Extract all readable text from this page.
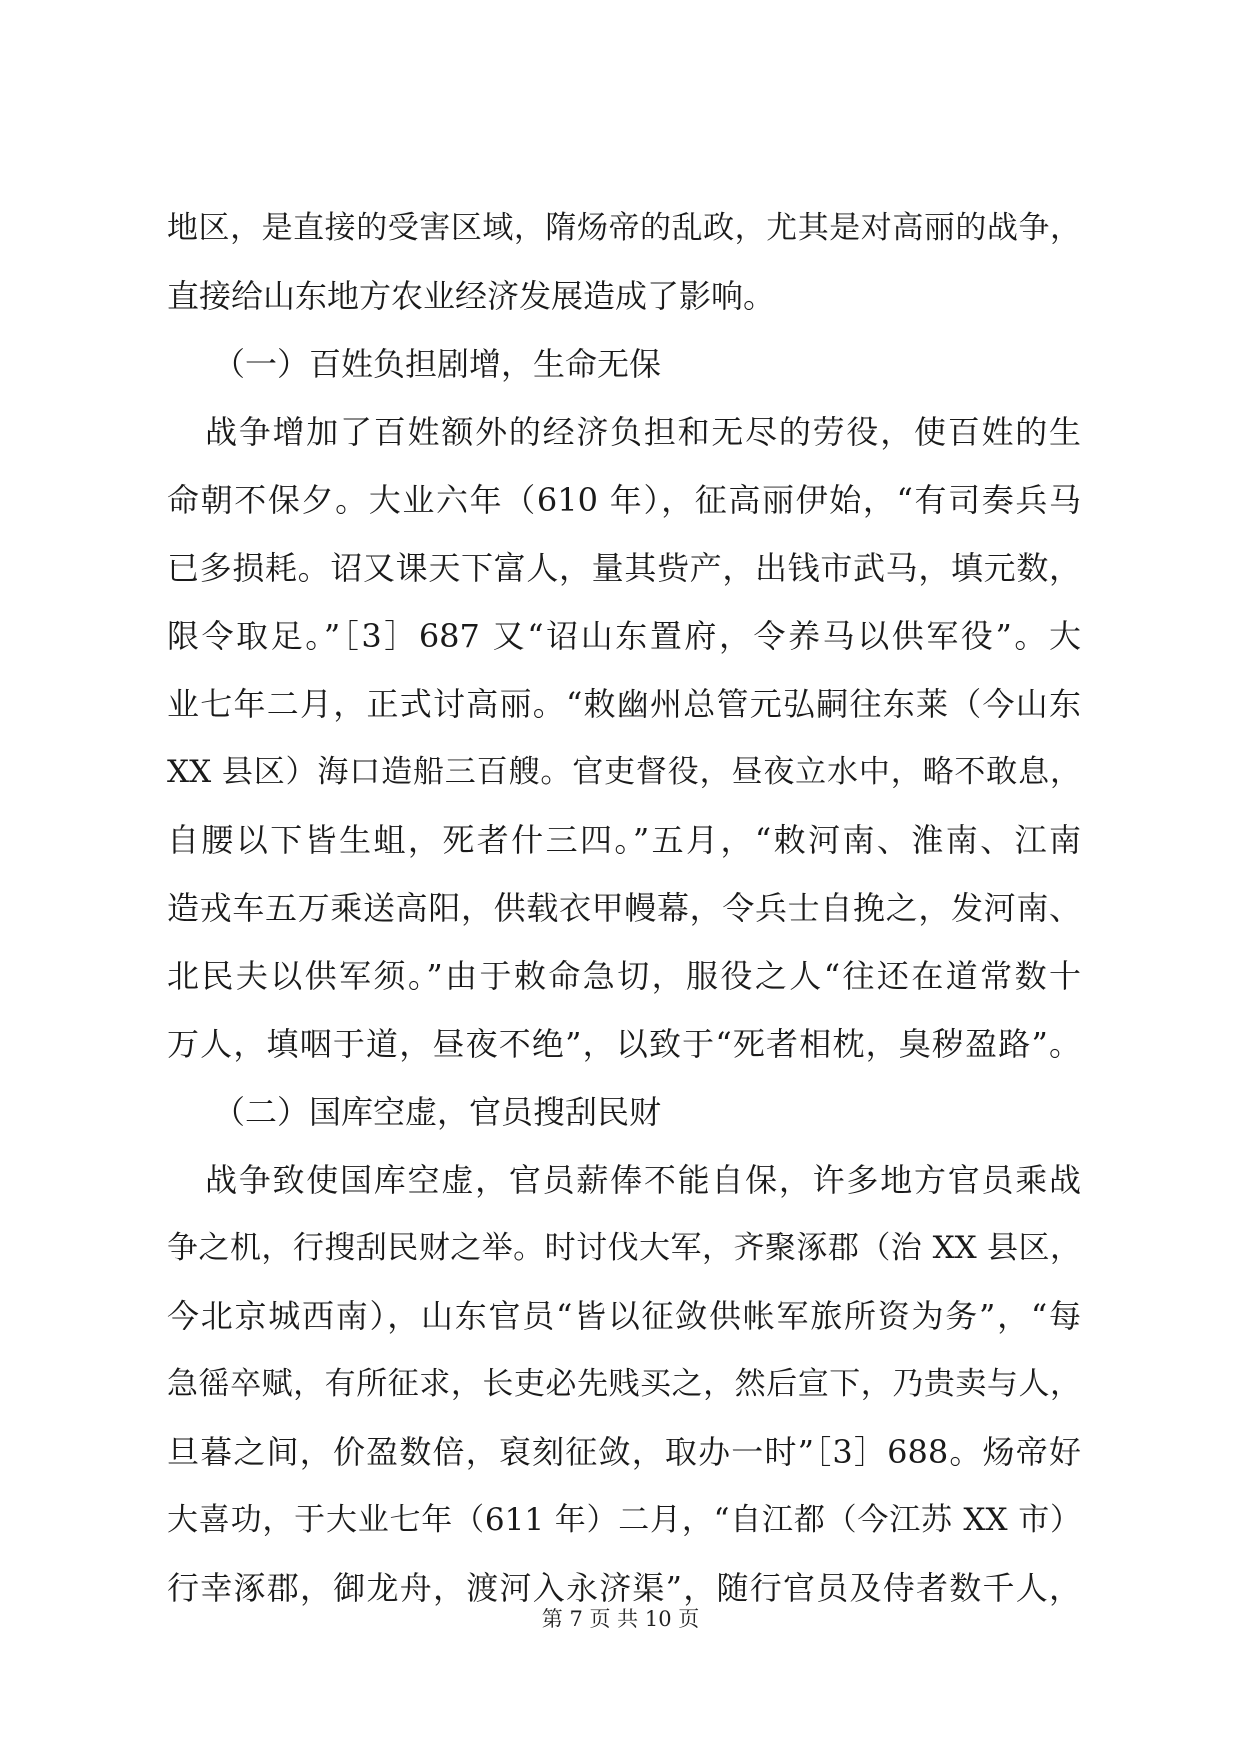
地区，是直接的受害区域，隋炀帝的乱政，尤其是对高丽的战争，
直接给山东地方农业经济发展造成了影响。
（一）百姓负担剧增，生命无保
战争增加了百姓额外的经济负担和无尽的劳役，使百姓的生
命朝不保夕。大业六年（610 年），征高丽伊始，“有司奏兵马
已多损耗。诏又课天下富人，量其赀产，出钱市武马，填元数，
限令取足。”［3］687 又“诏山东置府，令养马以供军役”。大
业七年二月，正式讨高丽。“敕幽州总管元弘嗣往东莱（今山东
XX 县区）海口造船三百艘。官吏督役，昼夜立水中，略不敢息，
自腰以下皆生蛆，死者什三四。”五月，“敕河南、淮南、江南
造戎车五万乘送高阳，供载衣甲幔幕，令兵士自挽之，发河南、
北民夫以供军须。”由于敕命急切，服役之人“往还在道常数十
万人，填咽于道，昼夜不绝”，以致于“死者相枕，臭秽盈路”。
（二）国库空虚，官员搜刮民财
战争致使国库空虚，官员薪俸不能自保，许多地方官员乘战
争之机，行搜刮民财之举。时讨伐大军，齐聚涿郡（治 XX 县区，
今北京城西南），山东官员“皆以征敛供帐军旅所资为务”，“每
急徭卒赋，有所征求，长吏必先贱买之，然后宣下，乃贵卖与人，
旦暮之间，价盈数倍，裒刻征敛，取办一时”［3］688。炀帝好
大喜功，于大业七年（611 年）二月，“自江都（今江苏 XX 市）
行幸涿郡，御龙舟，渡河入永济渠”，随行官员及侍者数千人，
第 7 页 共 10 页
